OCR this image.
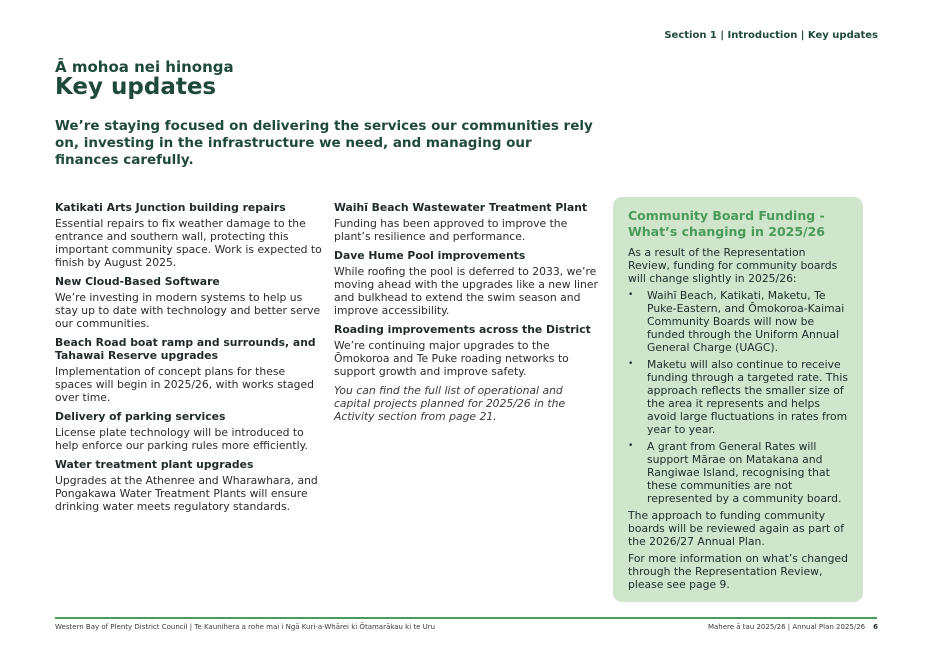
Section 1 | Introduction | Key updates
Ā mohoa nei hinonga
Key updates

We’re staying focused on delivering the services our communities rely on, investing in the infrastructure we need, and managing our finances carefully.

Katikati Arts Junction building repairs

Essential repairs to fix weather damage to the entrance and southern wall, protecting this important community space. Work is expected to finish by August 2025.

New Cloud-Based Software

We’re investing in modern systems to help us stay up to date with technology and better serve our communities.

Beach Road boat ramp and surrounds, and Tahawai Reserve upgrades

Implementation of concept plans for these spaces will begin in 2025/26, with works staged over time.

Delivery of parking services

License plate technology will be introduced to help enforce our parking rules more efficiently.

Water treatment plant upgrades

Upgrades at the Athenree and Wharawhara, and Pongakawa Water Treatment Plants will ensure drinking water meets regulatory standards.

Waihī Beach Wastewater Treatment Plant

Funding has been approved to improve the plant’s resilience and performance.

Dave Hume Pool improvements

While roofing the pool is deferred to 2033, we’re moving ahead with the upgrades like a new liner and bulkhead to extend the swim season and improve accessibility.

Roading improvements across the District

We’re continuing major upgrades to the Ōmokoroa and Te Puke roading networks to support growth and improve safety.

You can find the full list of operational and capital projects planned for 2025/26 in the Activity section from page 21.

Community Board Funding - What’s changing in 2025/26

As a result of the Representation Review, funding for community boards will change slightly in 2025/26:

• Waihī Beach, Katikati, Maketu, Te Puke-Eastern, and Ōmokoroa-Kaimai Community Boards will now be funded through the Uniform Annual General Charge (UAGC).
• Maketu will also continue to receive funding through a targeted rate. This approach reflects the smaller size of the area it represents and helps avoid large fluctuations in rates from year to year.
• A grant from General Rates will support Mārae on Matakana and Rangiwae Island, recognising that these communities are not represented by a community board.

The approach to funding community boards will be reviewed again as part of the 2026/27 Annual Plan.

For more information on what’s changed through the Representation Review, please see page 9.

Western Bay of Plenty District Council | Te Kaunihera a rohe mai i Ngā Kuri-a-Whārei ki Ōtamarākau ki te Uru	Mahere ā tau 2025/26 | Annual Plan 2025/26 6
